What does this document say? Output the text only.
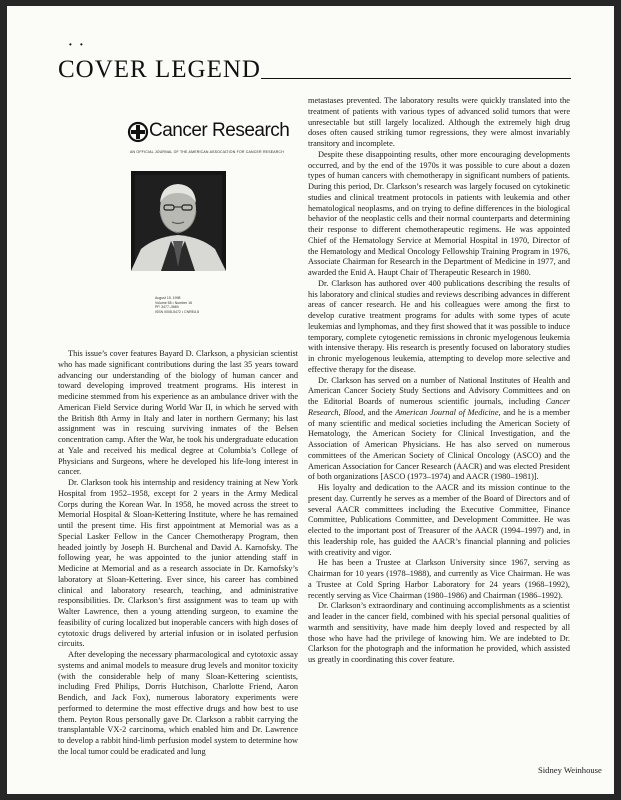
• •
COVER LEGEND
Cancer Research
AN OFFICIAL JOURNAL OF THE AMERICAN ASSOCIATION FOR CANCER RESEARCH
August 15, 1998
Volume 58 • Number 16
PP. 3477–3660
ISSN 0008-5472 • CNREA 8

This issue’s cover features Bayard D. Clarkson, a physician scientist who has made significant contributions during the last 35 years toward advancing our understanding of the biology of human cancer and toward developing improved treatment programs. His interest in medicine stemmed from his experience as an ambulance driver with the American Field Service during World War II, in which he served with the British 8th Army in Italy and later in northern Germany; his last assignment was in rescuing surviving inmates of the Belsen concentration camp. After the War, he took his undergraduate education at Yale and received his medical degree at Columbia’s College of Physicians and Surgeons, where he developed his life-long interest in cancer.

Dr. Clarkson took his internship and residency training at New York Hospital from 1952–1958, except for 2 years in the Army Medical Corps during the Korean War. In 1958, he moved across the street to Memorial Hospital & Sloan-Kettering Institute, where he has remained until the present time. His first appointment at Memorial was as a Special Lasker Fellow in the Cancer Chemotherapy Program, then headed jointly by Joseph H. Burchenal and David A. Karnofsky. The following year, he was appointed to the junior attending staff in Medicine at Memorial and as a research associate in Dr. Karnofsky’s laboratory at Sloan-Kettering. Ever since, his career has combined clinical and laboratory research, teaching, and administrative responsibilities. Dr. Clarkson’s first assignment was to team up with Walter Lawrence, then a young attending surgeon, to examine the feasibility of curing localized but inoperable cancers with high doses of cytotoxic drugs delivered by arterial infusion or in isolated perfusion circuits.

After developing the necessary pharmacological and cytotoxic assay systems and animal models to measure drug levels and monitor toxicity (with the considerable help of many Sloan-Kettering scientists, including Fred Philips, Dorris Hutchison, Charlotte Friend, Aaron Bendich, and Jack Fox), numerous laboratory experiments were performed to determine the most effective drugs and how best to use them. Peyton Rous personally gave Dr. Clarkson a rabbit carrying the transplantable VX-2 carcinoma, which enabled him and Dr. Lawrence to develop a rabbit hind-limb perfusion model system to determine how the local tumor could be eradicated and lung

metastases prevented. The laboratory results were quickly translated into the treatment of patients with various types of advanced solid tumors that were unresectable but still largely localized. Although the extremely high drug doses often caused striking tumor regressions, they were almost invariably transitory and incomplete.

Despite these disappointing results, other more encouraging developments occurred, and by the end of the 1970s it was possible to cure about a dozen types of human cancers with chemotherapy in significant numbers of patients. During this period, Dr. Clarkson’s research was largely focused on cytokinetic studies and clinical treatment protocols in patients with leukemia and other hematological neoplasms, and on trying to define differences in the biological behavior of the neoplastic cells and their normal counterparts and determining their response to different chemotherapeutic regimens. He was appointed Chief of the Hematology Service at Memorial Hospital in 1970, Director of the Hematology and Medical Oncology Fellowship Training Program in 1976, Associate Chairman for Research in the Department of Medicine in 1977, and awarded the Enid A. Haupt Chair of Therapeutic Research in 1980.

Dr. Clarkson has authored over 400 publications describing the results of his laboratory and clinical studies and reviews describing advances in different areas of cancer research. He and his colleagues were among the first to develop curative treatment programs for adults with some types of acute leukemias and lymphomas, and they first showed that it was possible to induce temporary, complete cytogenetic remissions in chronic myelogenous leukemia with intensive therapy. His research is presently focused on laboratory studies in chronic myelogenous leukemia, attempting to develop more selective and effective therapy for the disease.

Dr. Clarkson has served on a number of National Institutes of Health and American Cancer Society Study Sections and Advisory Committees and on the Editorial Boards of numerous scientific journals, including Cancer Research, Blood, and the American Journal of Medicine, and he is a member of many scientific and medical societies including the American Society of Hematology, the American Society for Clinical Investigation, and the Association of American Physicians. He has also served on numerous committees of the American Society of Clinical Oncology (ASCO) and the American Association for Cancer Research (AACR) and was elected President of both organizations [ASCO (1973–1974) and AACR (1980–1981)].

His loyalty and dedication to the AACR and its mission continue to the present day. Currently he serves as a member of the Board of Directors and of several AACR committees including the Executive Committee, Finance Committee, Publications Committee, and Development Committee. He was elected to the important post of Treasurer of the AACR (1994–1997) and, in this leadership role, has guided the AACR’s financial planning and policies with creativity and vigor.

He has been a Trustee at Clarkson University since 1967, serving as Chairman for 10 years (1978–1988), and currently as Vice Chairman. He was a Trustee at Cold Spring Harbor Laboratory for 24 years (1968–1992), recently serving as Vice Chairman (1980–1986) and Chairman (1986–1992).

Dr. Clarkson’s extraordinary and continuing accomplishments as a scientist and leader in the cancer field, combined with his special personal qualities of warmth and sensitivity, have made him deeply loved and respected by all those who have had the privilege of knowing him. We are indebted to Dr. Clarkson for the photograph and the information he provided, which assisted us greatly in coordinating this cover feature.

Sidney Weinhouse
